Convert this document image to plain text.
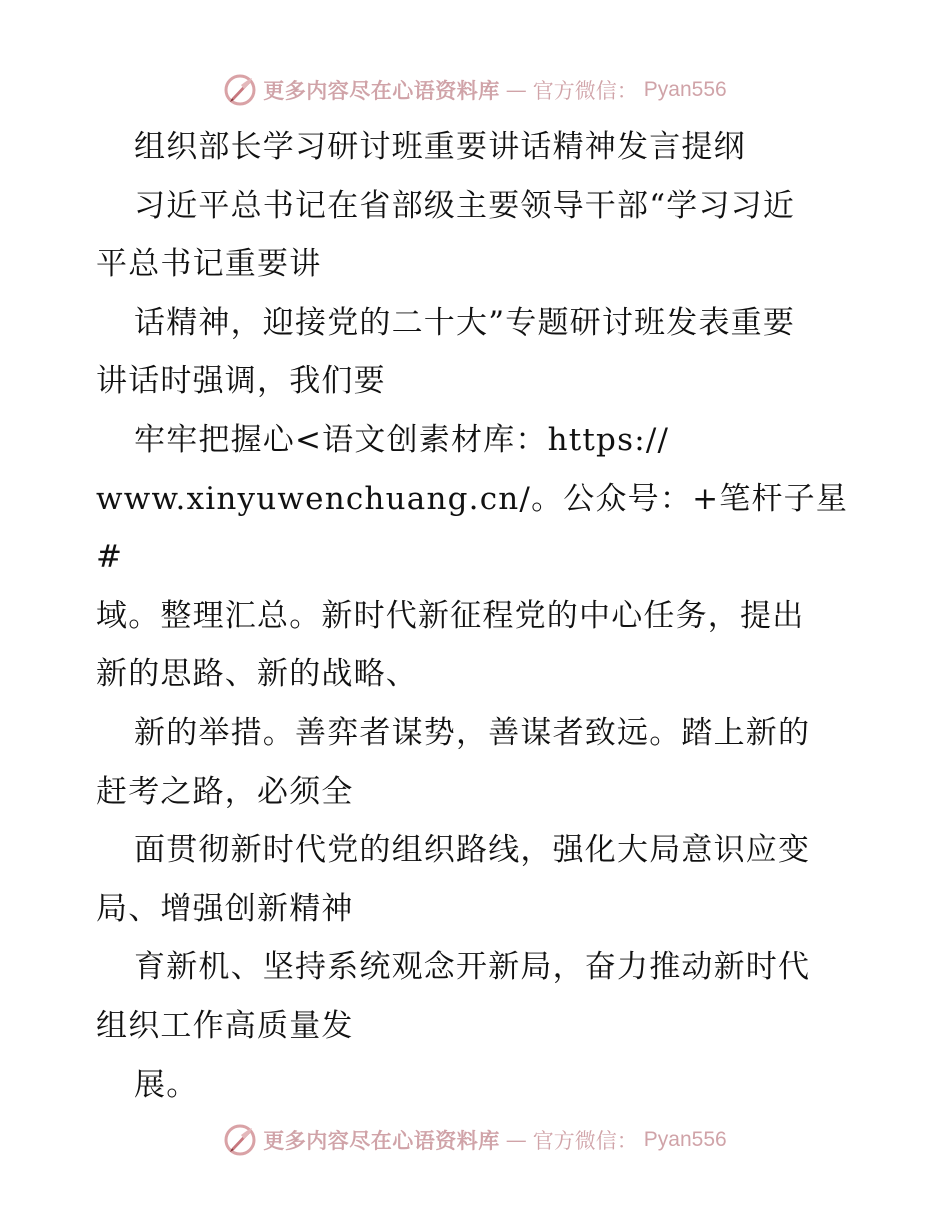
更多内容尽在心语资料库 — 官方微信： Pyan556

组织部长学习研讨班重要讲话精神发言提纲

习近平总书记在省部级主要领导干部“学习习近

平总书记重要讲

话精神，迎接党的二十大”专题研讨班发表重要

讲话时强调，我们要

牢牢把握心<语文创素材库：https://

www.xinyuwenchuang.cn/。公众号：+笔杆子星#

域。整理汇总。新时代新征程党的中心任务，提出

新的思路、新的战略、

新的举措。善弈者谋势，善谋者致远。踏上新的

赶考之路，必须全

面贯彻新时代党的组织路线，强化大局意识应变

局、增强创新精神

育新机、坚持系统观念开新局，奋力推动新时代

组织工作高质量发

展。

更多内容尽在心语资料库 — 官方微信： Pyan556
